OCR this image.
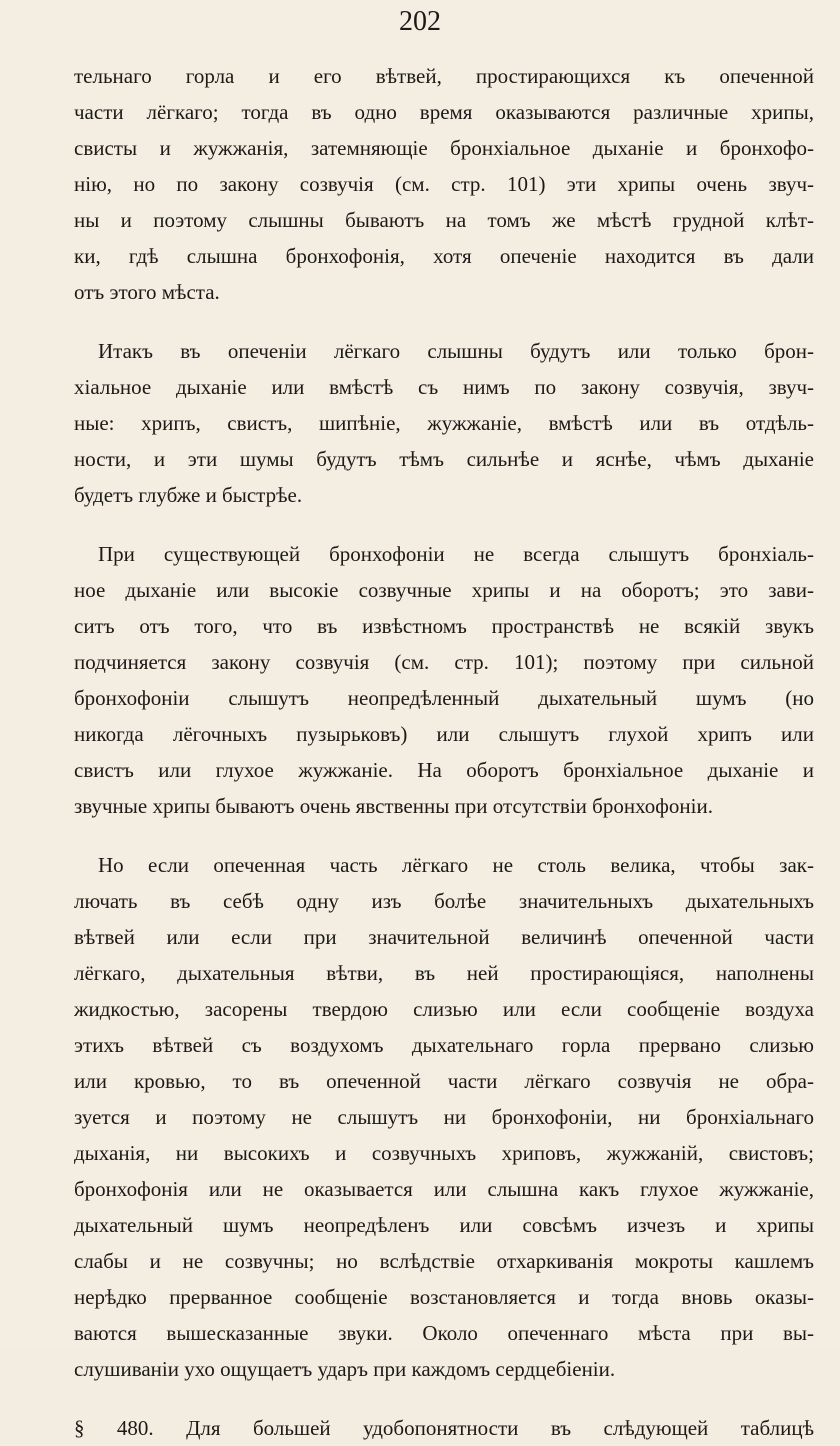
202
тельнаго горла и его вѣтвей, простирающихся къ опеченной
части лёгкаго; тогда въ одно время оказываются различные хрипы,
свисты и жужжанія, затемняющіе бронхіальное дыханіе и бронхофо-
нію, но по закону созвучія (см. стр. 101) эти хрипы очень звуч-
ны и поэтому слышны бываютъ на томъ же мѣстѣ грудной клѣт-
ки, гдѣ слышна бронхофонія, хотя опеченіе находится въ дали
отъ этого мѣста.
Итакъ въ опеченіи лёгкаго слышны будутъ или только брон-
хіальное дыханіе или вмѣстѣ съ нимъ по закону созвучія, звуч-
ные: хрипъ, свистъ, шипѣніе, жужжаніе, вмѣстѣ или въ отдѣль-
ности, и эти шумы будутъ тѣмъ сильнѣе и яснѣе, чѣмъ дыханіе
будетъ глубже и быстрѣе.
При существующей бронхофоніи не всегда слышутъ бронхіаль-
ное дыханіе или высокіе созвучные хрипы и на оборотъ; это зави-
ситъ отъ того, что въ извѣстномъ пространствѣ не всякій звукъ
подчиняется закону созвучія (см. стр. 101); поэтому при сильной
бронхофоніи слышутъ неопредѣленный дыхательный шумъ (но
никогда лёгочныхъ пузырьковъ) или слышутъ глухой хрипъ или
свистъ или глухое жужжаніе. На оборотъ бронхіальное дыханіе и
звучные хрипы бываютъ очень явственны при отсутствіи бронхофоніи.
Но если опеченная часть лёгкаго не столь велика, чтобы зак-
лючать въ себѣ одну изъ болѣе значительныхъ дыхательныхъ
вѣтвей или если при значительной величинѣ опеченной части
лёгкаго, дыхательныя вѣтви, въ ней простирающіяся, наполнены
жидкостью, засорены твердою слизью или если сообщеніе воздуха
этихъ вѣтвей съ воздухомъ дыхательнаго горла прервано слизью
или кровью, то въ опеченной части лёгкаго созвучія не обра-
зуется и поэтому не слышутъ ни бронхофоніи, ни бронхіальнаго
дыханія, ни высокихъ и созвучныхъ хриповъ, жужжаній, свистовъ;
бронхофонія или не оказывается или слышна какъ глухое жужжаніе,
дыхательный шумъ неопредѣленъ или совсѣмъ изчезъ и хрипы
слабы и не созвучны; но вслѣдствіе отхаркиванія мокроты кашлемъ
нерѣдко прерванное сообщеніе возстановляется и тогда вновь оказы-
ваются вышесказанные звуки. Около опеченнаго мѣста при вы-
слушиваніи ухо ощущаетъ ударъ при каждомъ сердцебіеніи.
§ 480. Для большей удобопонятности въ слѣдующей таблицѣ
